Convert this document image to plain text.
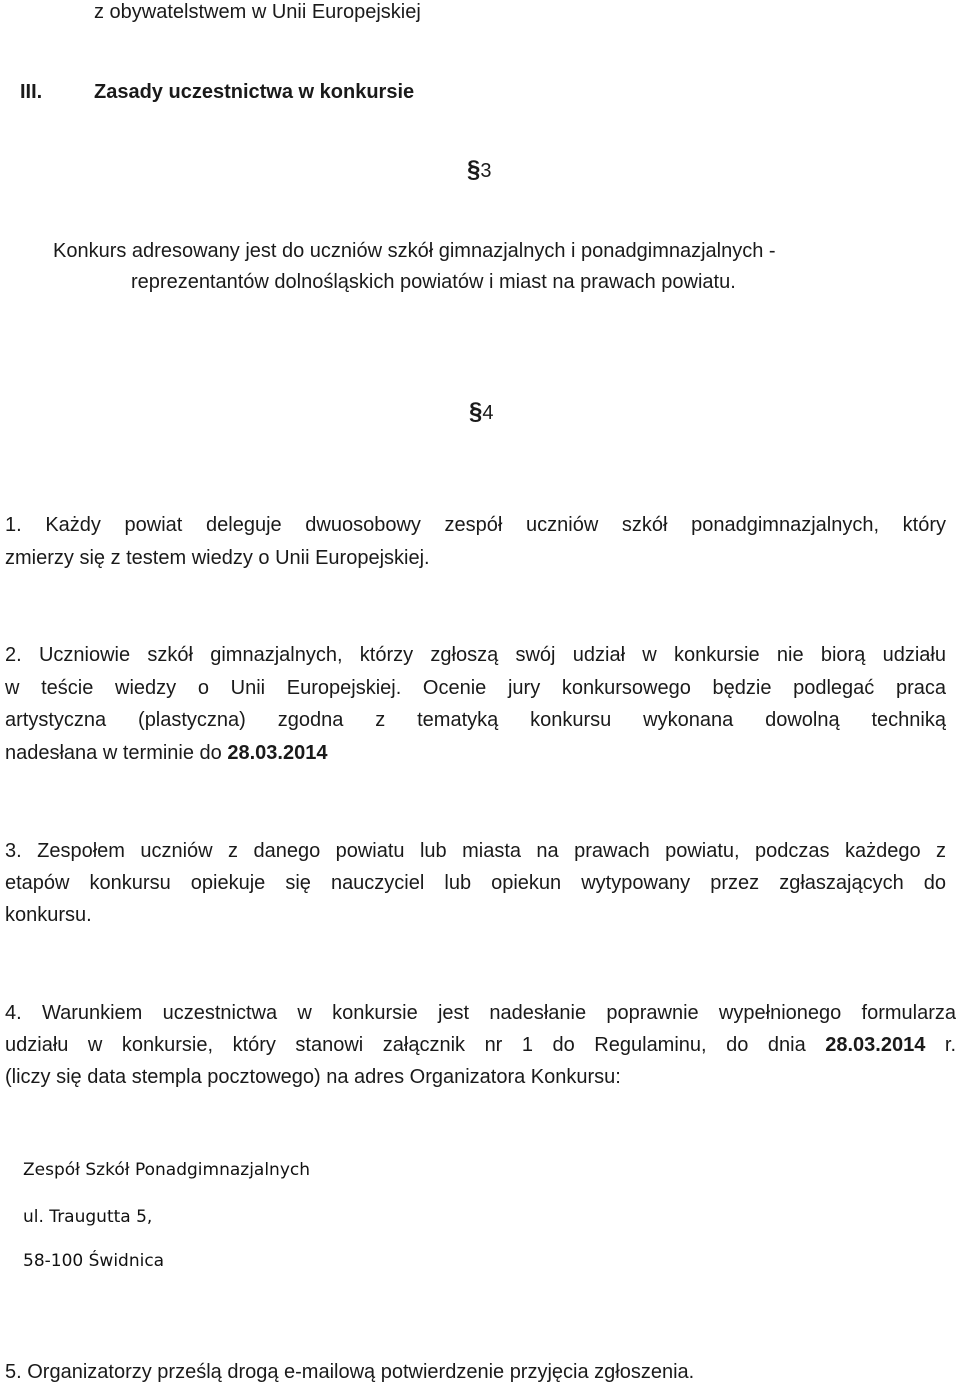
z obywatelstwem w Unii Europejskiej
III.	Zasady uczestnictwa w konkursie
§3
Konkurs adresowany jest do uczniów szkół gimnazjalnych i ponadgimnazjalnych -
reprezentantów dolnośląskich powiatów i miast na prawach powiatu.
§4
1. Każdy powiat deleguje dwuosobowy zespół uczniów szkół ponadgimnazjalnych, który
zmierzy się z testem wiedzy o Unii Europejskiej.
2. Uczniowie szkół gimnazjalnych, którzy zgłoszą swój udział w konkursie nie biorą udziału
w teście wiedzy o Unii Europejskiej. Ocenie jury konkursowego będzie podlegać praca
artystyczna (plastyczna) zgodna z tematyką konkursu wykonana dowolną techniką
nadesłana w terminie do 28.03.2014
3. Zespołem uczniów z danego powiatu lub miasta na prawach powiatu, podczas każdego z
etapów konkursu opiekuje się nauczyciel lub opiekun wytypowany przez zgłaszających do
konkursu.
4. Warunkiem uczestnictwa w konkursie jest nadesłanie poprawnie wypełnionego formularza
udziału w konkursie, który stanowi załącznik nr 1 do Regulaminu, do dnia 28.03.2014 r.
(liczy się data stempla pocztowego) na adres Organizatora Konkursu:
Zespół Szkół Ponadgimnazjalnych
ul. Traugutta 5,
58-100 Świdnica
5. Organizatorzy prześlą drogą e-mailową potwierdzenie przyjęcia zgłoszenia.
